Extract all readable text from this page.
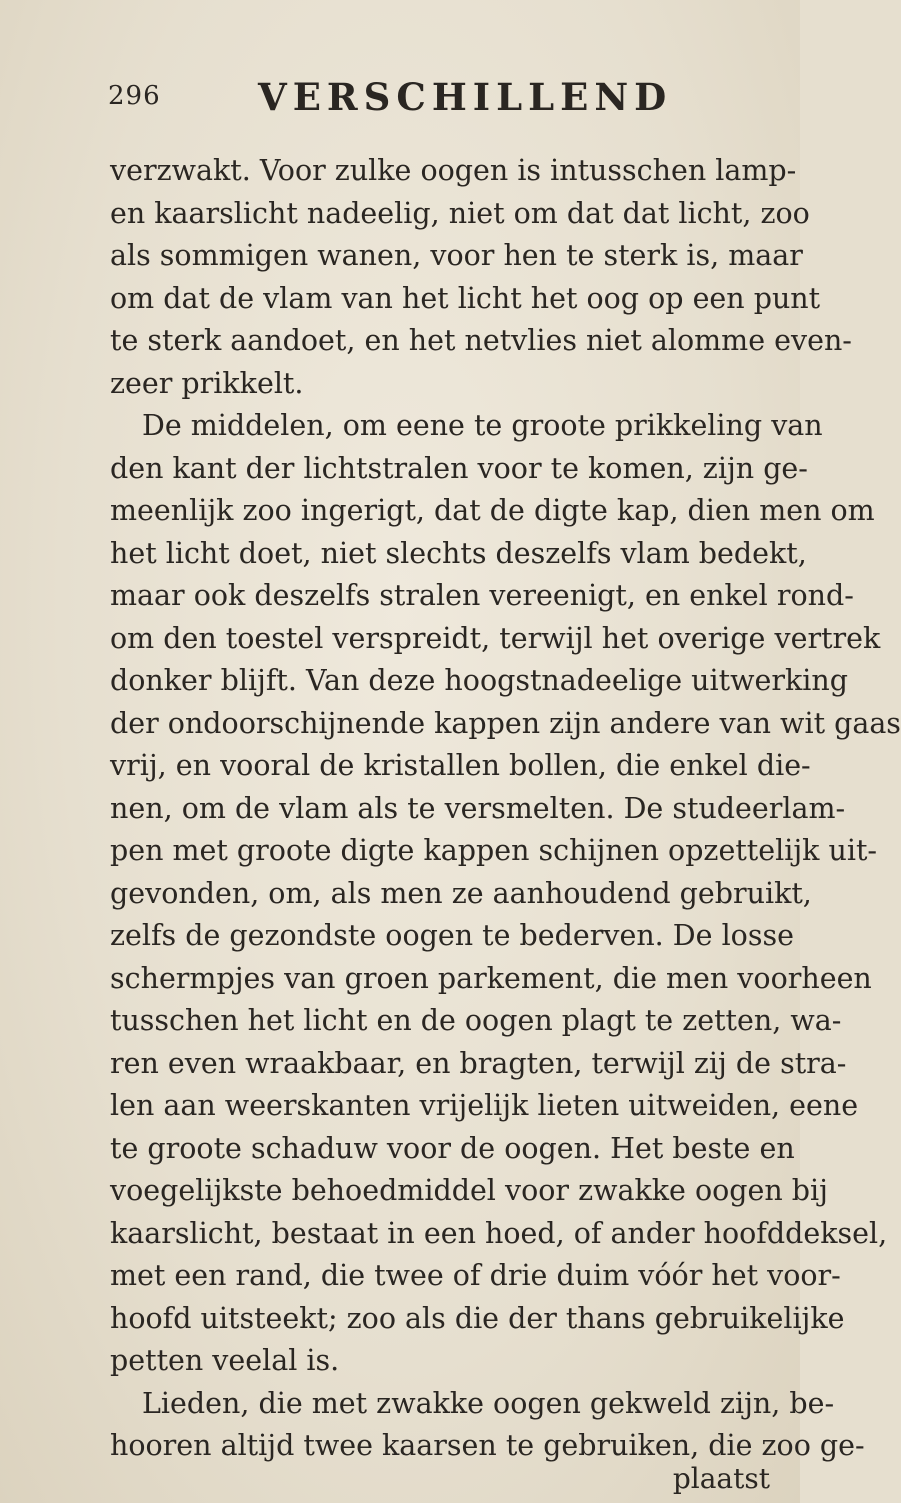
296	VERSCHILLEND
verzwakt. Voor zulke oogen is intusschen lamp-
en kaarslicht nadeelig, niet om dat dat licht, zoo
als sommigen wanen, voor hen te sterk is, maar
om dat de vlam van het licht het oog op een punt
te sterk aandoet, en het netvlies niet alomme even-
zeer prikkelt.
De middelen, om eene te groote prikkeling van
den kant der lichtstralen voor te komen, zijn ge-
meenlijk zoo ingerigt, dat de digte kap, dien men om
het licht doet, niet slechts deszelfs vlam bedekt,
maar ook deszelfs stralen vereenigt, en enkel rond-
om den toestel verspreidt, terwijl het overige vertrek
donker blijft. Van deze hoogstnadeelige uitwerking
der ondoorschijnende kappen zijn andere van wit gaas
vrij, en vooral de kristallen bollen, die enkel die-
nen, om de vlam als te versmelten. De studeerlam-
pen met groote digte kappen schijnen opzettelijk uit-
gevonden, om, als men ze aanhoudend gebruikt,
zelfs de gezondste oogen te bederven. De losse
schermpjes van groen parkement, die men voorheen
tusschen het licht en de oogen plagt te zetten, wa-
ren even wraakbaar, en bragten, terwijl zij de stra-
len aan weerskanten vrijelijk lieten uitweiden, eene
te groote schaduw voor de oogen. Het beste en
voegelijkste behoedmiddel voor zwakke oogen bij
kaarslicht, bestaat in een hoed, of ander hoofddeksel,
met een rand, die twee of drie duim vóór het voor-
hoofd uitsteekt; zoo als die der thans gebruikelijke
petten veelal is.
Lieden, die met zwakke oogen gekweld zijn, be-
hooren altijd twee kaarsen te gebruiken, die zoo ge-
plaatst
